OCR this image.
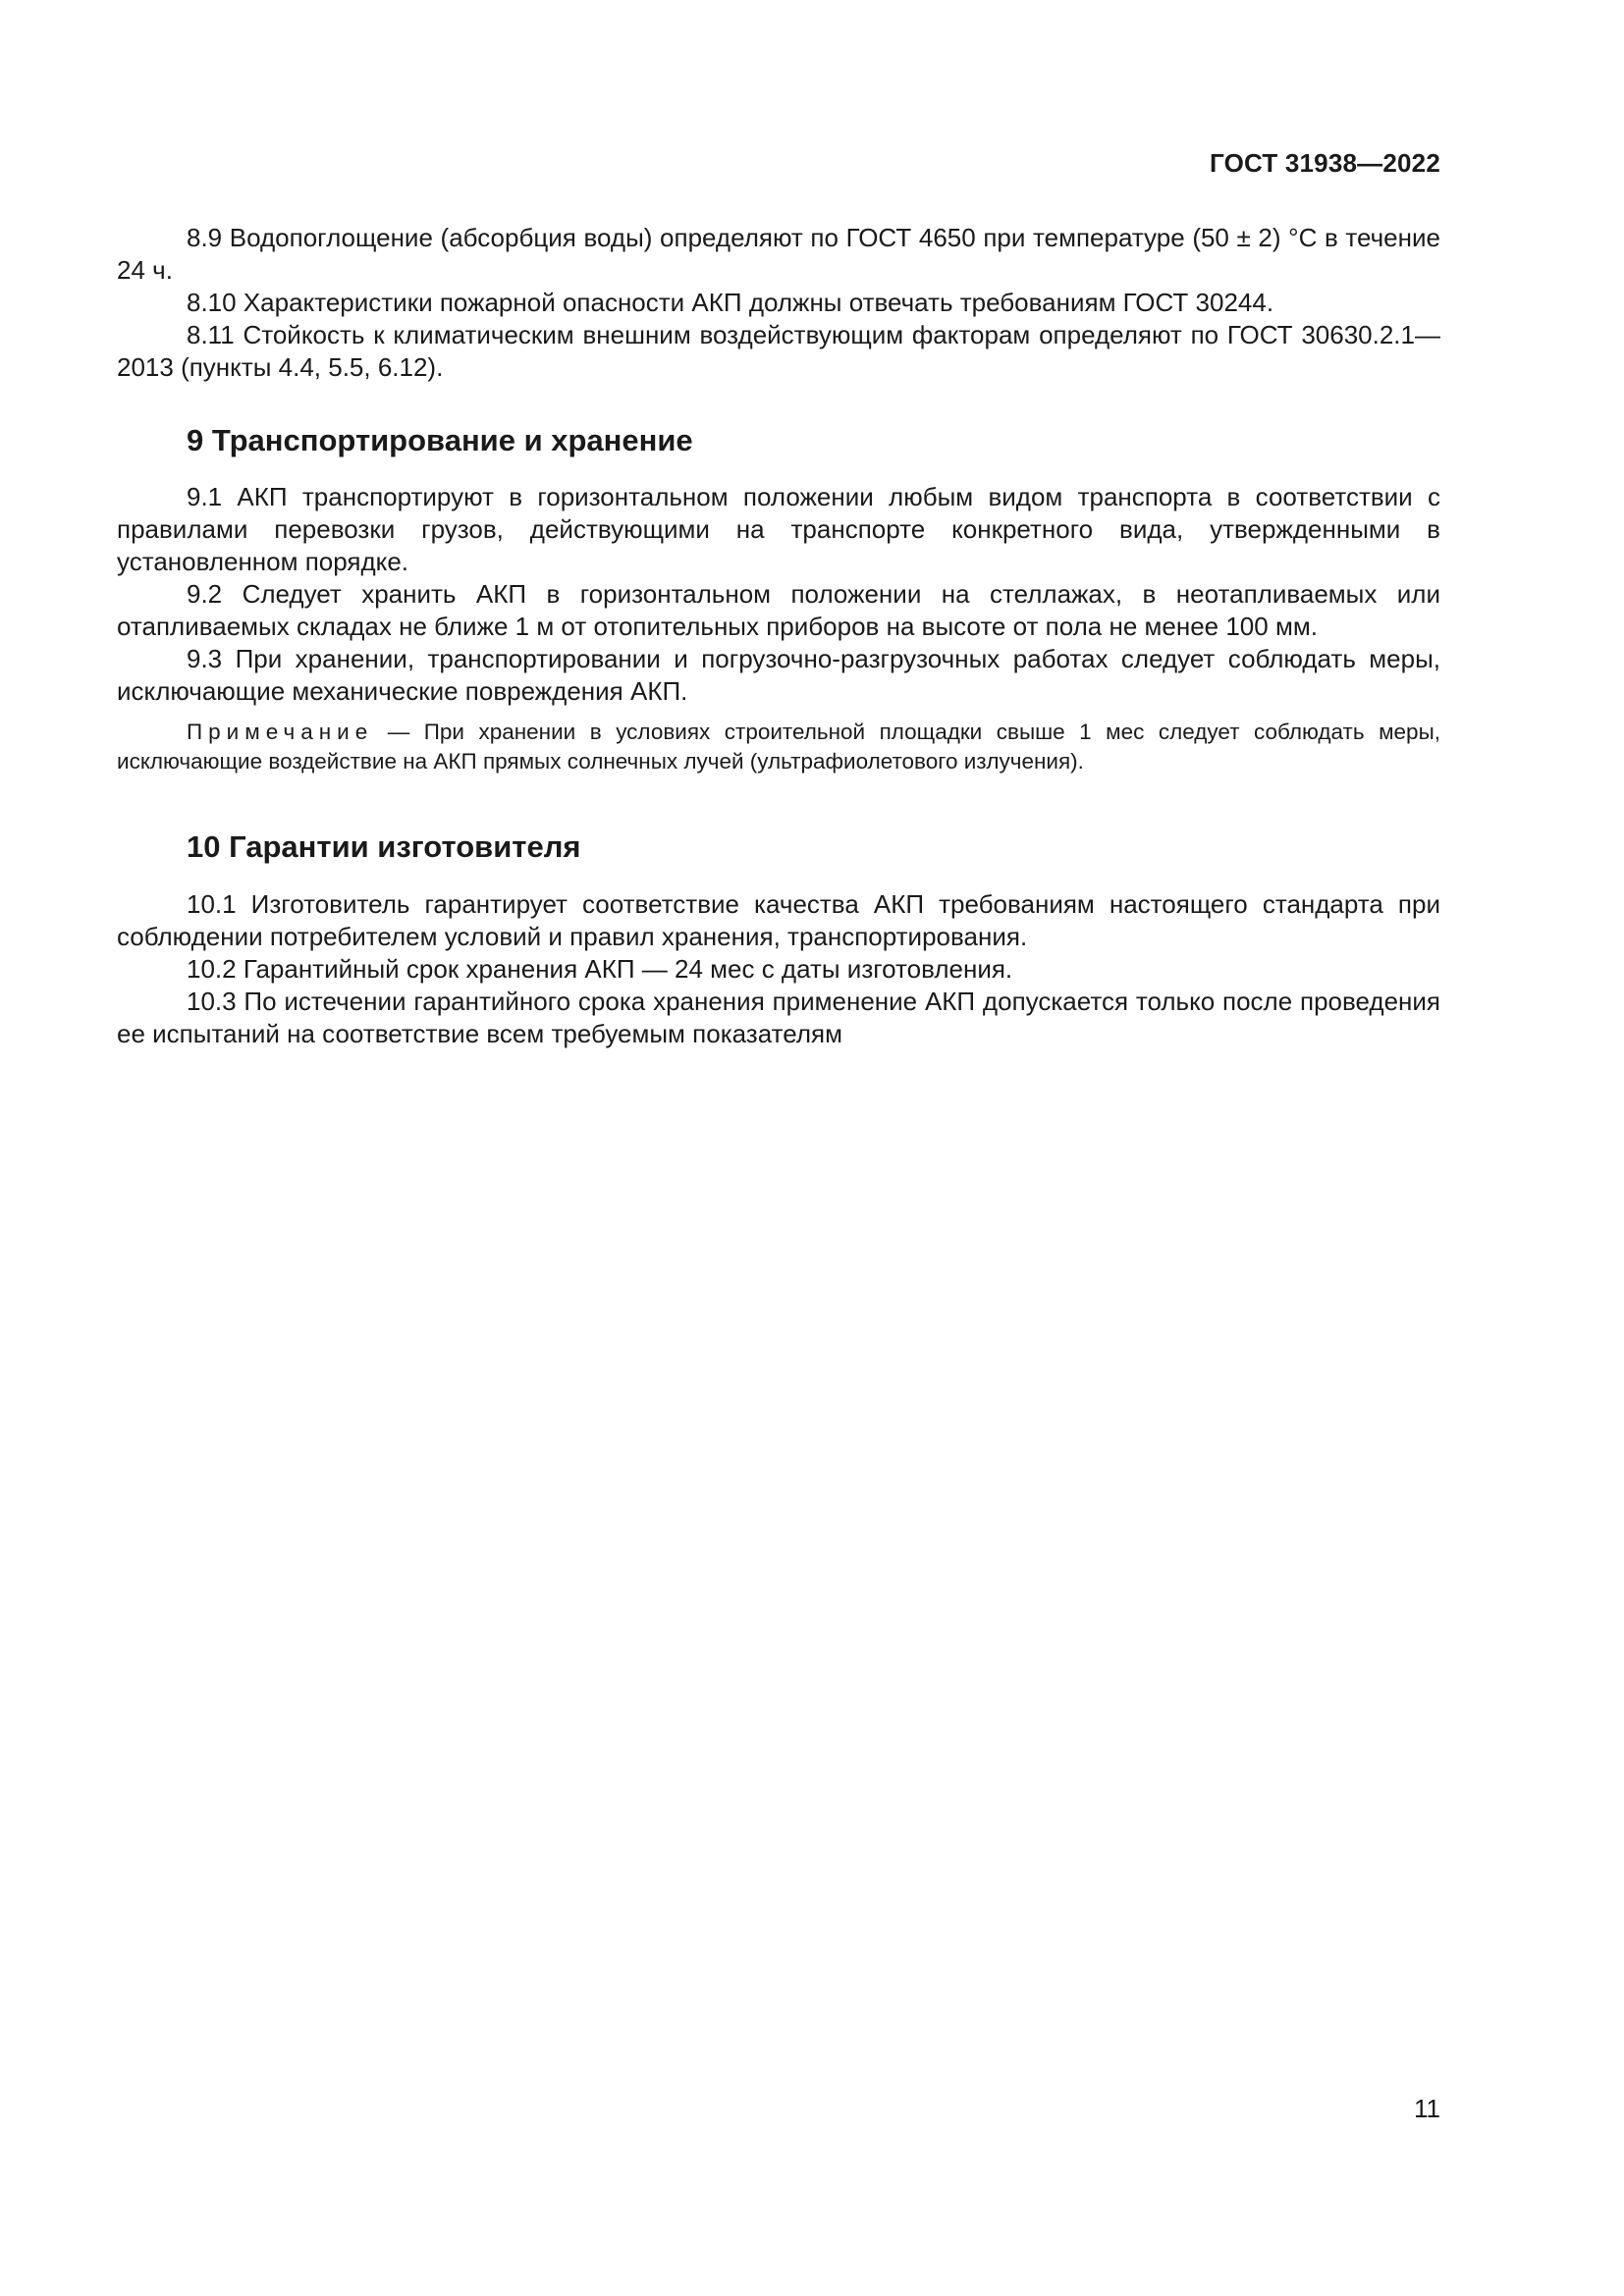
ГОСТ 31938—2022

8.9 Водопоглощение (абсорбция воды) определяют по ГОСТ 4650 при температуре (50 ± 2) °С в течение 24 ч.

8.10 Характеристики пожарной опасности АКП должны отвечать требованиям ГОСТ 30244.

8.11 Стойкость к климатическим внешним воздействующим факторам определяют по ГОСТ 30630.2.1—2013 (пункты 4.4, 5.5, 6.12).

9 Транспортирование и хранение

9.1 АКП транспортируют в горизонтальном положении любым видом транспорта в соответствии с правилами перевозки грузов, действующими на транспорте конкретного вида, утвержденными в установленном порядке.

9.2 Следует хранить АКП в горизонтальном положении на стеллажах, в неотапливаемых или отапливаемых складах не ближе 1 м от отопительных приборов на высоте от пола не менее 100 мм.

9.3 При хранении, транспортировании и погрузочно-разгрузочных работах следует соблюдать меры, исключающие механические повреждения АКП.

Примечание — При хранении в условиях строительной площадки свыше 1 мес следует соблюдать меры, исключающие воздействие на АКП прямых солнечных лучей (ультрафиолетового излучения).

10 Гарантии изготовителя

10.1 Изготовитель гарантирует соответствие качества АКП требованиям настоящего стандарта при соблюдении потребителем условий и правил хранения, транспортирования.

10.2 Гарантийный срок хранения АКП — 24 мес с даты изготовления.

10.3 По истечении гарантийного срока хранения применение АКП допускается только после проведения ее испытаний на соответствие всем требуемым показателям

11
